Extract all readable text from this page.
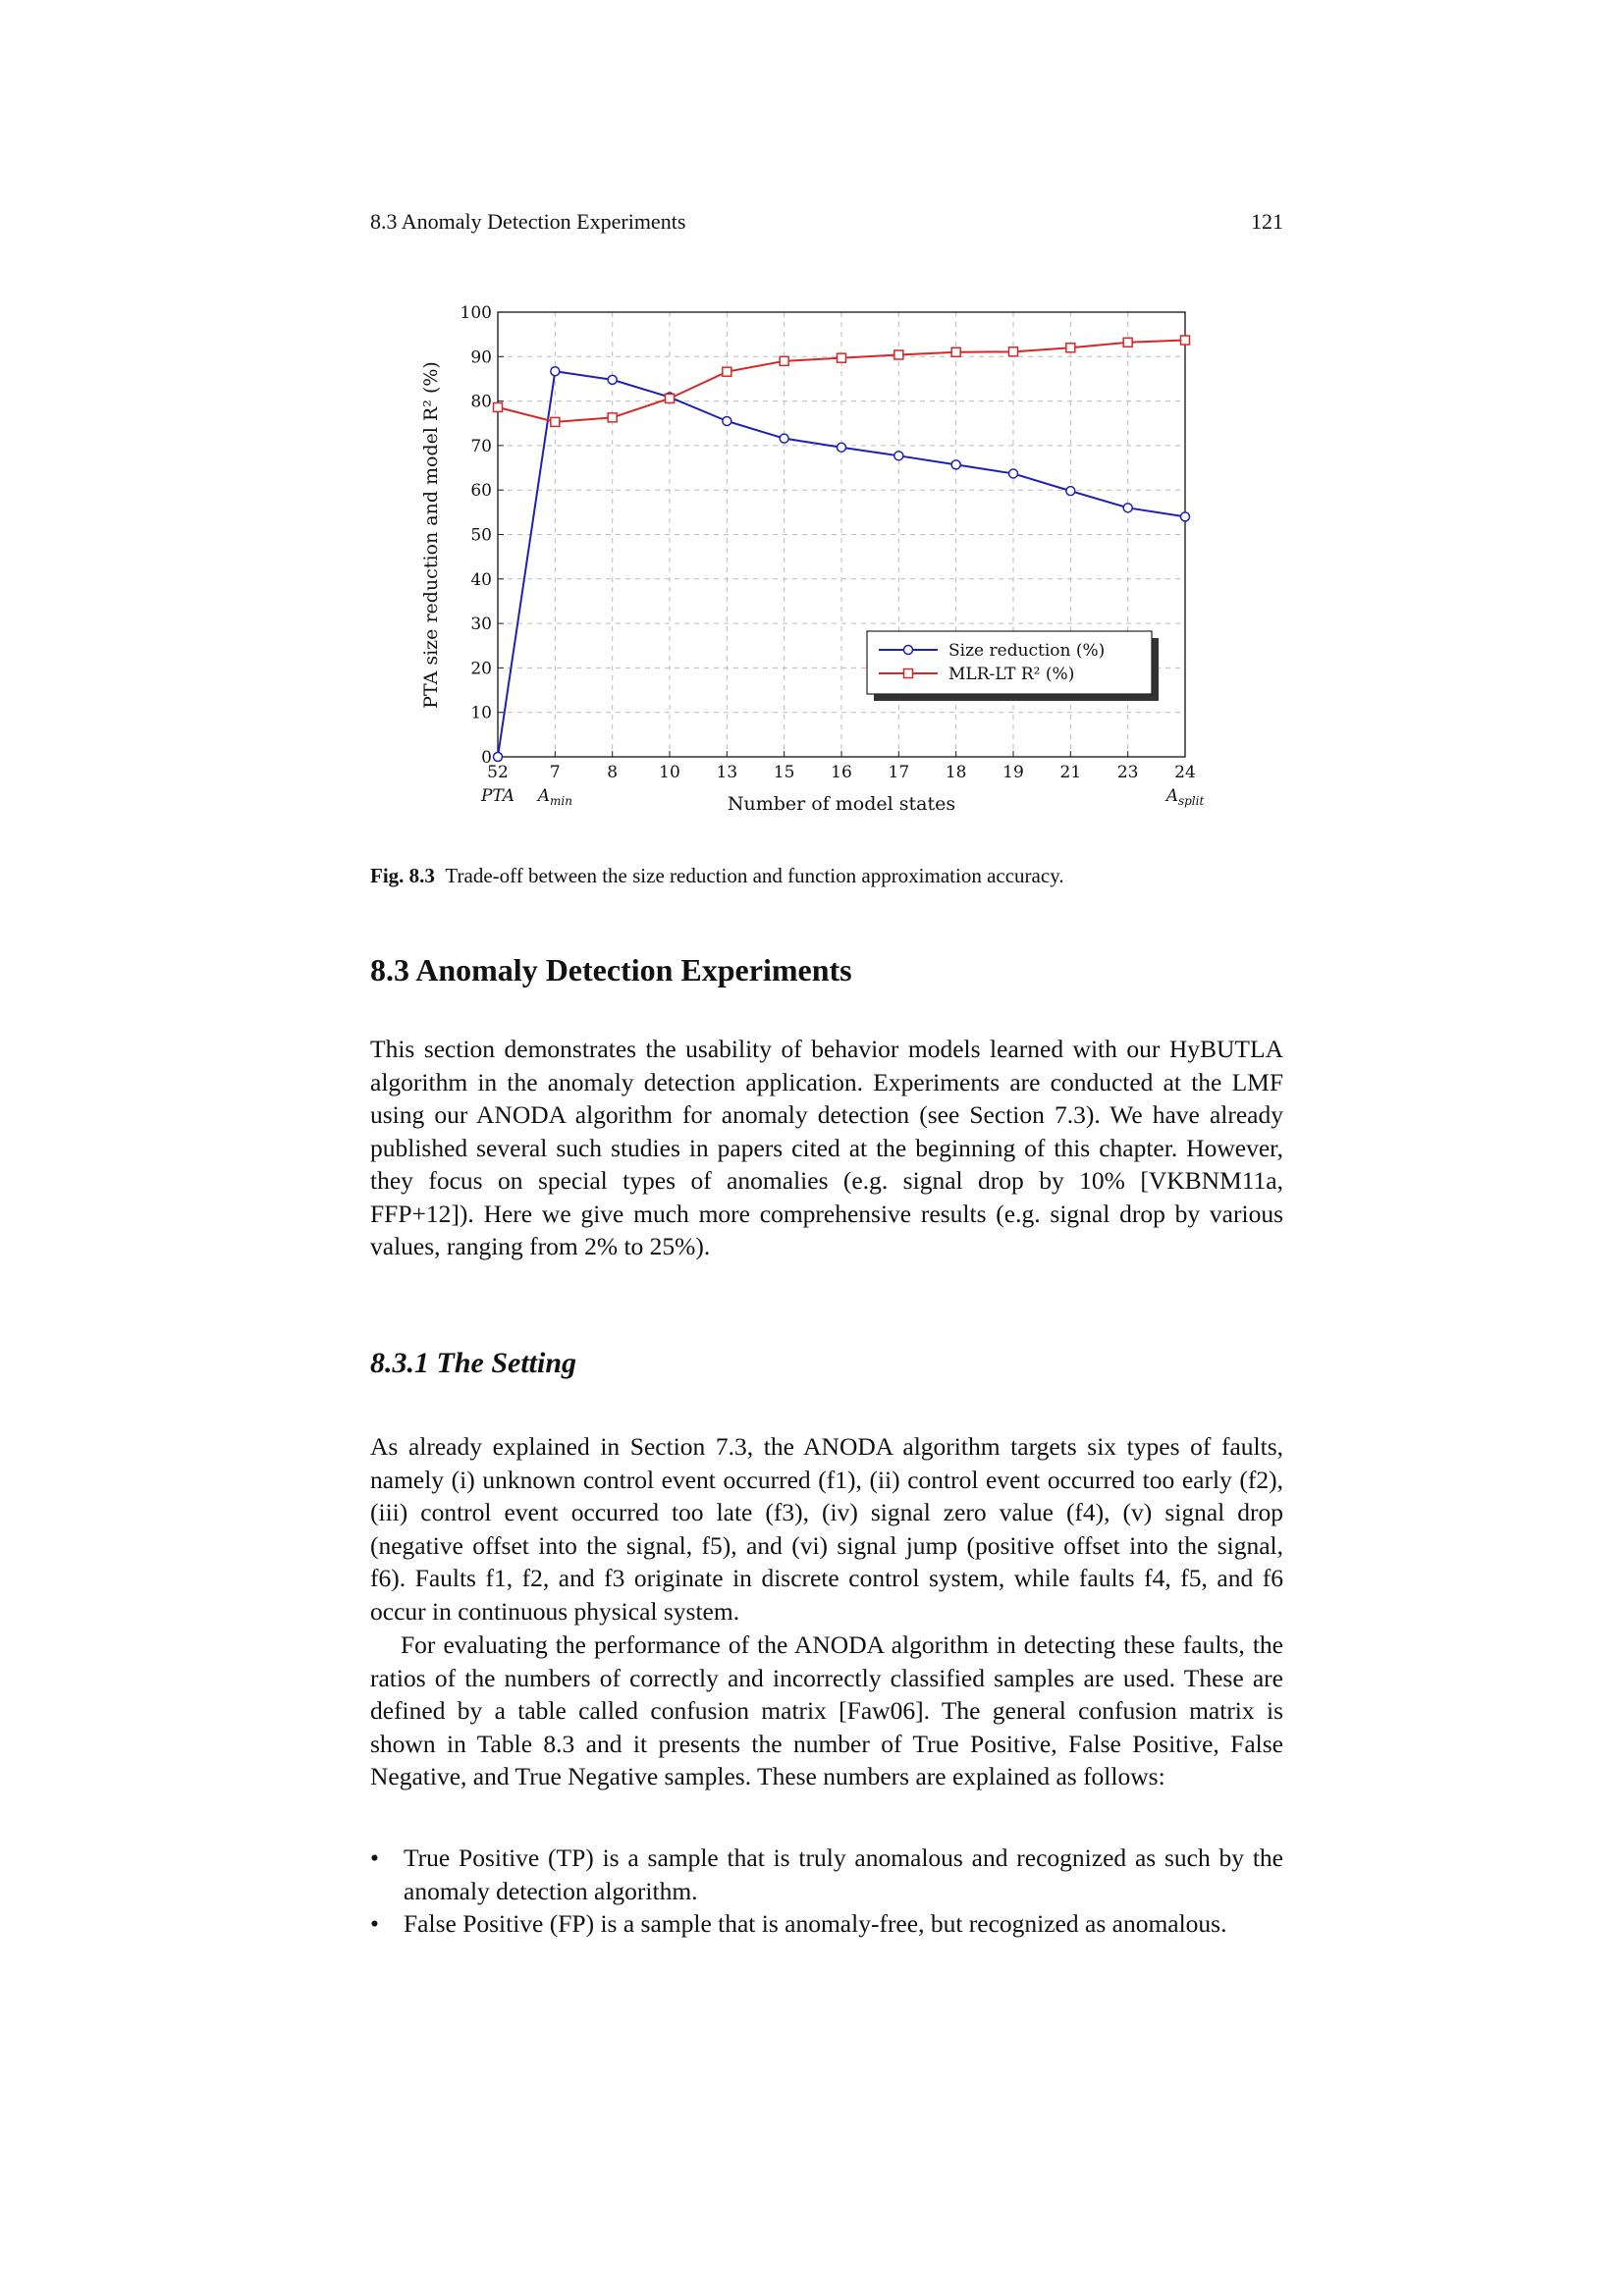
8.3 Anomaly Detection Experiments	121
0
10
20
30
40
50
60
70
80
90
100
52
PTA
7
$A_{min}$
8 10 13 15 16 17 18 19 21 23 24
$A_{split}$
PTA size reduction and model R² (%)
Number of model states
Size reduction (%)
MLR-LT R² (%)
Fig. 8.3 Trade-off between the size reduction and function approximation accuracy.
8.3 Anomaly Detection Experiments

This section demonstrates the usability of behavior models learned with our HyBUTLA algorithm in the anomaly detection application. Experiments are conducted at the LMF using our ANODA algorithm for anomaly detection (see Section 7.3). We have already published several such studies in papers cited at the beginning of this chapter. However, they focus on special types of anomalies (e.g. signal drop by 10% [VKBNM11a, FFP+12]). Here we give much more comprehensive results (e.g. signal drop by various values, ranging from 2% to 25%).

8.3.1 The Setting

As already explained in Section 7.3, the ANODA algorithm targets six types of faults, namely (i) unknown control event occurred (f1), (ii) control event occurred too early (f2), (iii) control event occurred too late (f3), (iv) signal zero value (f4), (v) signal drop (negative offset into the signal, f5), and (vi) signal jump (positive offset into the signal, f6). Faults f1, f2, and f3 originate in discrete control system, while faults f4, f5, and f6 occur in continuous physical system.

For evaluating the performance of the ANODA algorithm in detecting these faults, the ratios of the numbers of correctly and incorrectly classified samples are used. These are defined by a table called confusion matrix [Faw06]. The general confusion matrix is shown in Table 8.3 and it presents the number of True Positive, False Positive, False Negative, and True Negative samples. These numbers are explained as follows:

• True Positive (TP) is a sample that is truly anomalous and recognized as such by the anomaly detection algorithm.
• False Positive (FP) is a sample that is anomaly-free, but recognized as anomalous.
